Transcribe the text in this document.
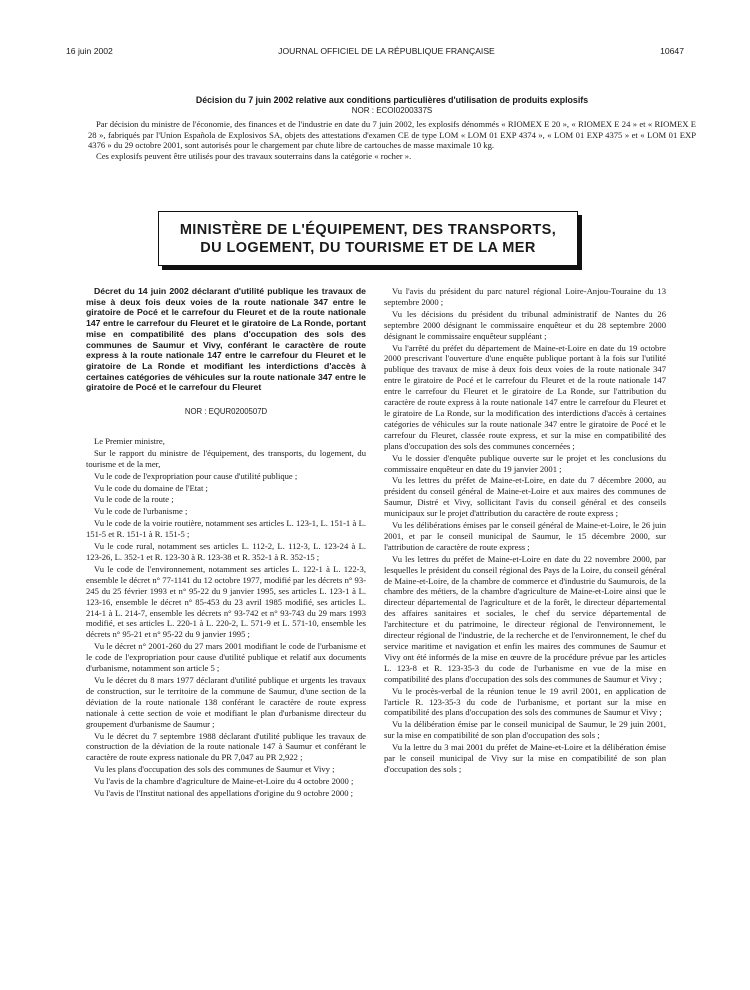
16 juin 2002	JOURNAL OFFICIEL DE LA RÉPUBLIQUE FRANÇAISE	10647
Décision du 7 juin 2002 relative aux conditions particulières d'utilisation de produits explosifs
NOR : ECOI0200337S

Par décision du ministre de l'économie, des finances et de l'industrie en date du 7 juin 2002, les explosifs dénommés « RIOMEX E 20 », « RIOMEX E 24 » et « RIOMEX E 28 », fabriqués par l'Union Española de Explosivos SA, objets des attestations d'examen CE de type LOM « LOM 01 EXP 4374 », « LOM 01 EXP 4375 » et « LOM 01 EXP 4376 » du 29 octobre 2001, sont autorisés pour le chargement par chute libre de cartouches de masse maximale 10 kg.

Ces explosifs peuvent être utilisés pour des travaux souterrains dans la catégorie « rocher ».

MINISTÈRE DE L'ÉQUIPEMENT, DES TRANSPORTS,
DU LOGEMENT, DU TOURISME ET DE LA MER

Décret du 14 juin 2002 déclarant d'utilité publique les travaux de mise à deux fois deux voies de la route nationale 347 entre le giratoire de Pocé et le carrefour du Fleuret et de la route nationale 147 entre le carrefour du Fleuret et le giratoire de La Ronde, portant mise en compatibilité des plans d'occupation des sols des communes de Saumur et Vivy, conférant le caractère de route express à la route nationale 147 entre le carrefour du Fleuret et le giratoire de La Ronde et modifiant les interdictions d'accès à certaines catégories de véhicules sur la route nationale 347 entre le giratoire de Pocé et le carrefour du Fleuret

NOR : EQUR0200507D

Le Premier ministre,

Sur le rapport du ministre de l'équipement, des transports, du logement, du tourisme et de la mer,

Vu le code de l'expropriation pour cause d'utilité publique ;

Vu le code du domaine de l'Etat ;

Vu le code de la route ;

Vu le code de l'urbanisme ;

Vu le code de la voirie routière, notamment ses articles L. 123-1, L. 151-1 à L. 151-5 et R. 151-1 à R. 151-5 ;

Vu le code rural, notamment ses articles L. 112-2, L. 112-3, L. 123-24 à L. 123-26, L. 352-1 et R. 123-30 à R. 123-38 et R. 352-1 à R. 352-15 ;

Vu le code de l'environnement, notamment ses articles L. 122-1 à L. 122-3, ensemble le décret n° 77-1141 du 12 octobre 1977, modifié par les décrets n° 93-245 du 25 février 1993 et n° 95-22 du 9 janvier 1995, ses articles L. 123-1 à L. 123-16, ensemble le décret n° 85-453 du 23 avril 1985 modifié, ses articles L. 214-1 à L. 214-7, ensemble les décrets n° 93-742 et n° 93-743 du 29 mars 1993 modifié, et ses articles L. 220-1 à L. 220-2, L. 571-9 et L. 571-10, ensemble les décrets n° 95-21 et n° 95-22 du 9 janvier 1995 ;

Vu le décret n° 2001-260 du 27 mars 2001 modifiant le code de l'urbanisme et le code de l'expropriation pour cause d'utilité publique et relatif aux documents d'urbanisme, notamment son article 5 ;

Vu le décret du 8 mars 1977 déclarant d'utilité publique et urgents les travaux de construction, sur le territoire de la commune de Saumur, d'une section de la déviation de la route nationale 138 conférant le caractère de route express nationale à cette section de voie et modifiant le plan d'urbanisme directeur du groupement d'urbanisme de Saumur ;

Vu le décret du 7 septembre 1988 déclarant d'utilité publique les travaux de construction de la déviation de la route nationale 147 à Saumur et conférant le caractère de route express nationale du PR 7,047 au PR 2,922 ;

Vu les plans d'occupation des sols des communes de Saumur et Vivy ;

Vu l'avis de la chambre d'agriculture de Maine-et-Loire du 4 octobre 2000 ;

Vu l'avis de l'Institut national des appellations d'origine du 9 octobre 2000 ;

Vu l'avis du président du parc naturel régional Loire-Anjou-Touraine du 13 septembre 2000 ;

Vu les décisions du président du tribunal administratif de Nantes du 26 septembre 2000 désignant le commissaire enquêteur et du 28 septembre 2000 désignant le commissaire enquêteur suppléant ;

Vu l'arrêté du préfet du département de Maine-et-Loire en date du 19 octobre 2000 prescrivant l'ouverture d'une enquête publique portant à la fois sur l'utilité publique des travaux de mise à deux fois deux voies de la route nationale 347 entre le giratoire de Pocé et le carrefour du Fleuret et de la route nationale 147 entre le carrefour du Fleuret et le giratoire de La Ronde, sur l'attribution du caractère de route express à la route nationale 147 entre le carrefour du Fleuret et le giratoire de La Ronde, sur la modification des interdictions d'accès à certaines catégories de véhicules sur la route nationale 347 entre le giratoire de Pocé et le carrefour du Fleuret, classée route express, et sur la mise en compatibilité des plans d'occupation des sols des communes concernées ;

Vu le dossier d'enquête publique ouverte sur le projet et les conclusions du commissaire enquêteur en date du 19 janvier 2001 ;

Vu les lettres du préfet de Maine-et-Loire, en date du 7 décembre 2000, au président du conseil général de Maine-et-Loire et aux maires des communes de Saumur, Distré et Vivy, sollicitant l'avis du conseil général et des conseils municipaux sur le projet d'attribution du caractère de route express ;

Vu les délibérations émises par le conseil général de Maine-et-Loire, le 26 juin 2001, et par le conseil municipal de Saumur, le 15 décembre 2000, sur l'attribution de caractère de route express ;

Vu les lettres du préfet de Maine-et-Loire en date du 22 novembre 2000, par lesquelles le président du conseil régional des Pays de la Loire, du conseil général de Maine-et-Loire, de la chambre de commerce et d'industrie du Saumurois, de la chambre des métiers, de la chambre d'agriculture de Maine-et-Loire ainsi que le directeur départemental de l'agriculture et de la forêt, le directeur départemental des affaires sanitaires et sociales, le chef du service départemental de l'architecture et du patrimoine, le directeur régional de l'environnement, le directeur régional de l'industrie, de la recherche et de l'environnement, le chef du service maritime et navigation et enfin les maires des communes de Saumur et Vivy ont été informés de la mise en œuvre de la procédure prévue par les articles L. 123-8 et R. 123-35-3 du code de l'urbanisme en vue de la mise en compatibilité des plans d'occupation des sols des communes de Saumur et Vivy ;

Vu le procès-verbal de la réunion tenue le 19 avril 2001, en application de l'article R. 123-35-3 du code de l'urbanisme, et portant sur la mise en compatibilité des plans d'occupation des sols des communes de Saumur et Vivy ;

Vu la délibération émise par le conseil municipal de Saumur, le 29 juin 2001, sur la mise en compatibilité de son plan d'occupation des sols ;

Vu la lettre du 3 mai 2001 du préfet de Maine-et-Loire et la délibération émise par le conseil municipal de Vivy sur la mise en compatibilité de son plan d'occupation des sols ;
